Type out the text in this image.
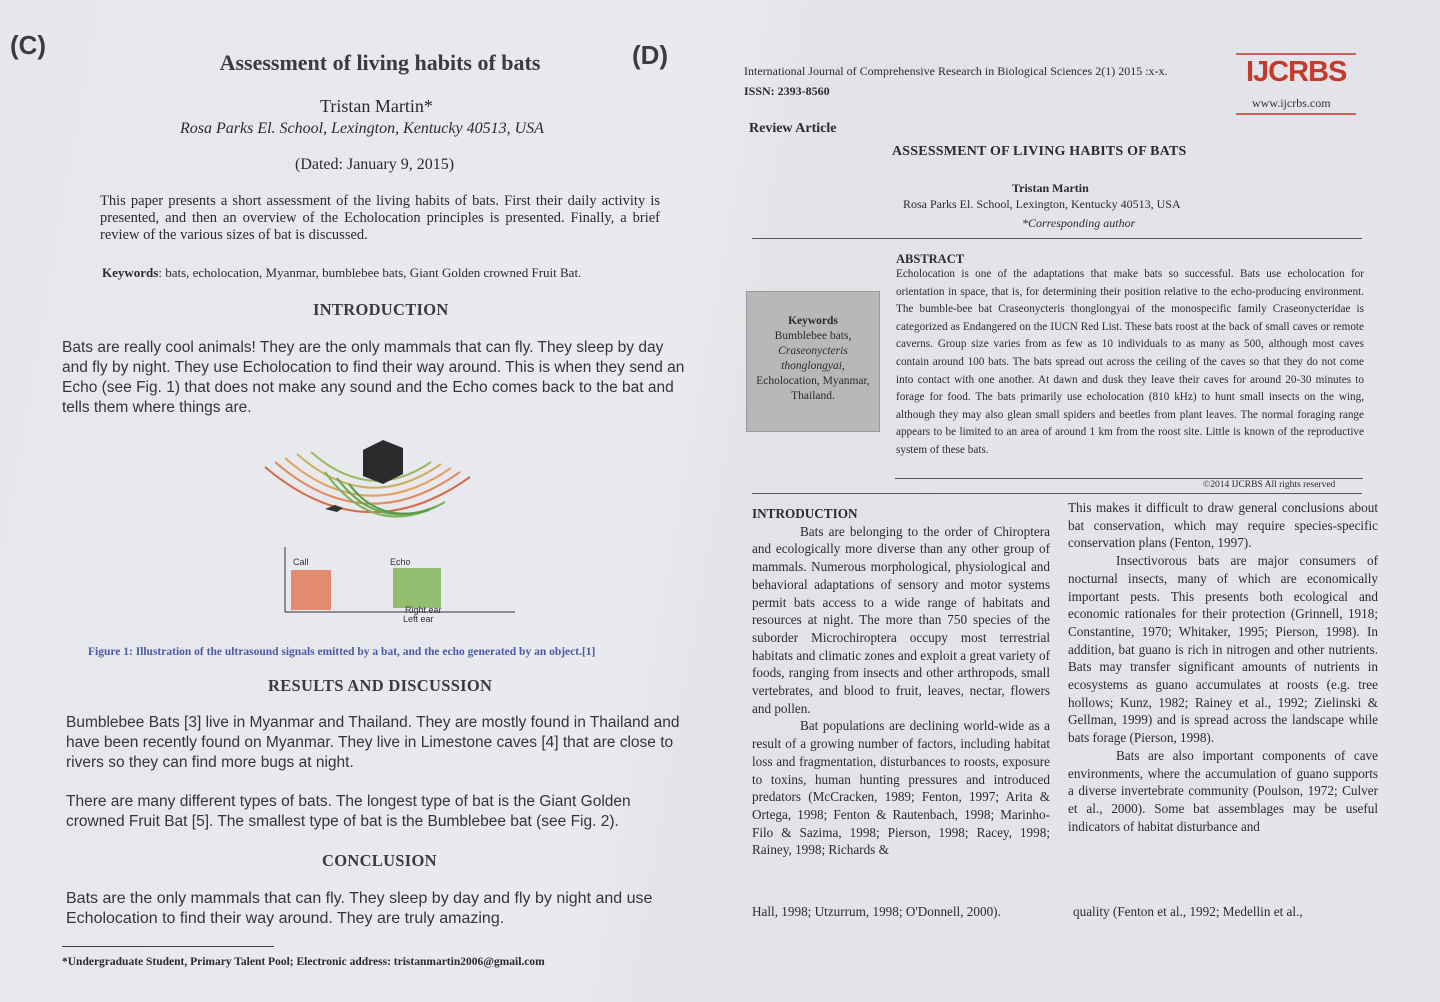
(C)
Assessment of living habits of bats
Tristan Martin*
Rosa Parks El. School, Lexington, Kentucky 40513, USA
(Dated: January 9, 2015)
This paper presents a short assessment of the living habits of bats. First their daily activity is presented, and then an overview of the Echolocation principles is presented. Finally, a brief review of the various sizes of bat is discussed.
Keywords: bats, echolocation, Myanmar, bumblebee bats, Giant Golden crowned Fruit Bat.
INTRODUCTION
Bats are really cool animals! They are the only mammals that can fly. They sleep by day and fly by night. They use Echolocation to find their way around. This is when they send an Echo (see Fig. 1) that does not make any sound and the Echo comes back to the bat and tells them where things are.
Call	Echo
Right ear
Left ear
Figure 1: Illustration of the ultrasound signals emitted by a bat, and the echo generated by an object.[1]
RESULTS AND DISCUSSION
Bumblebee Bats [3] live in Myanmar and Thailand. They are mostly found in Thailand and have been recently found on Myanmar. They live in Limestone caves [4] that are close to rivers so they can find more bugs at night.
There are many different types of bats. The longest type of bat is the Giant Golden crowned Fruit Bat [5]. The smallest type of bat is the Bumblebee bat (see Fig. 2).
CONCLUSION
Bats are the only mammals that can fly. They sleep by day and fly by night and use Echolocation to find their way around. They are truly amazing.
*Undergraduate Student, Primary Talent Pool; Electronic address: tristanmartin2006@gmail.com
(D)
International Journal of Comprehensive Research in Biological Sciences 2(1) 2015 :x-x.
ISSN: 2393-8560
IJCRBS
www.ijcrbs.com
Review Article
ASSESSMENT OF LIVING HABITS OF BATS
Tristan Martin
Rosa Parks El. School, Lexington, Kentucky 40513, USA
*Corresponding author
Keywords
Bumblebee bats,
Craseonycteris
thonglongyai,
Echolocation, Myanmar,
Thailand.
ABSTRACT
Echolocation is one of the adaptations that make bats so successful. Bats use echolocation for orientation in space, that is, for determining their position relative to the echo-producing environment. The bumble-bee bat Craseonycteris thonglongyai of the monospecific family Craseonycteridae is categorized as Endangered on the IUCN Red List. These bats roost at the back of small caves or remote caverns. Group size varies from as few as 10 individuals to as many as 500, although most caves contain around 100 bats. The bats spread out across the ceiling of the caves so that they do not come into contact with one another. At dawn and dusk they leave their caves for around 20-30 minutes to forage for food. The bats primarily use echolocation (810 kHz) to hunt small insects on the wing, although they may also glean small spiders and beetles from plant leaves. The normal foraging range appears to be limited to an area of around 1 km from the roost site. Little is known of the reproductive system of these bats.
©2014 IJCRBS All rights reserved

INTRODUCTION

Bats are belonging to the order of Chiroptera and ecologically more diverse than any other group of mammals. Numerous morphological, physiological and behavioral adaptations of sensory and motor systems permit bats access to a wide range of habitats and resources at night. The more than 750 species of the suborder Microchiroptera occupy most terrestrial habitats and climatic zones and exploit a great variety of foods, ranging from insects and other arthropods, small vertebrates, and blood to fruit, leaves, nectar, flowers and pollen.

Bat populations are declining world-wide as a result of a growing number of factors, including habitat loss and fragmentation, disturbances to roosts, exposure to toxins, human hunting pressures and introduced predators (McCracken, 1989; Fenton, 1997; Arita & Ortega, 1998; Fenton & Rautenbach, 1998; Marinho-Filo & Sazima, 1998; Pierson, 1998; Racey, 1998; Rainey, 1998; Richards &

Hall, 1998; Utzurrum, 1998; O'Donnell, 2000).

This makes it difficult to draw general conclusions about bat conservation, which may require species-specific conservation plans (Fenton, 1997).

Insectivorous bats are major consumers of nocturnal insects, many of which are economically important pests. This presents both ecological and economic rationales for their protection (Grinnell, 1918; Constantine, 1970; Whitaker, 1995; Pierson, 1998). In addition, bat guano is rich in nitrogen and other nutrients. Bats may transfer significant amounts of nutrients in ecosystems as guano accumulates at roosts (e.g. tree hollows; Kunz, 1982; Rainey et al., 1992; Zielinski & Gellman, 1999) and is spread across the landscape while bats forage (Pierson, 1998).

Bats are also important components of cave environments, where the accumulation of guano supports a diverse invertebrate community (Poulson, 1972; Culver et al., 2000). Some bat assemblages may be useful indicators of habitat disturbance and

quality (Fenton et al., 1992; Medellin et al.,
